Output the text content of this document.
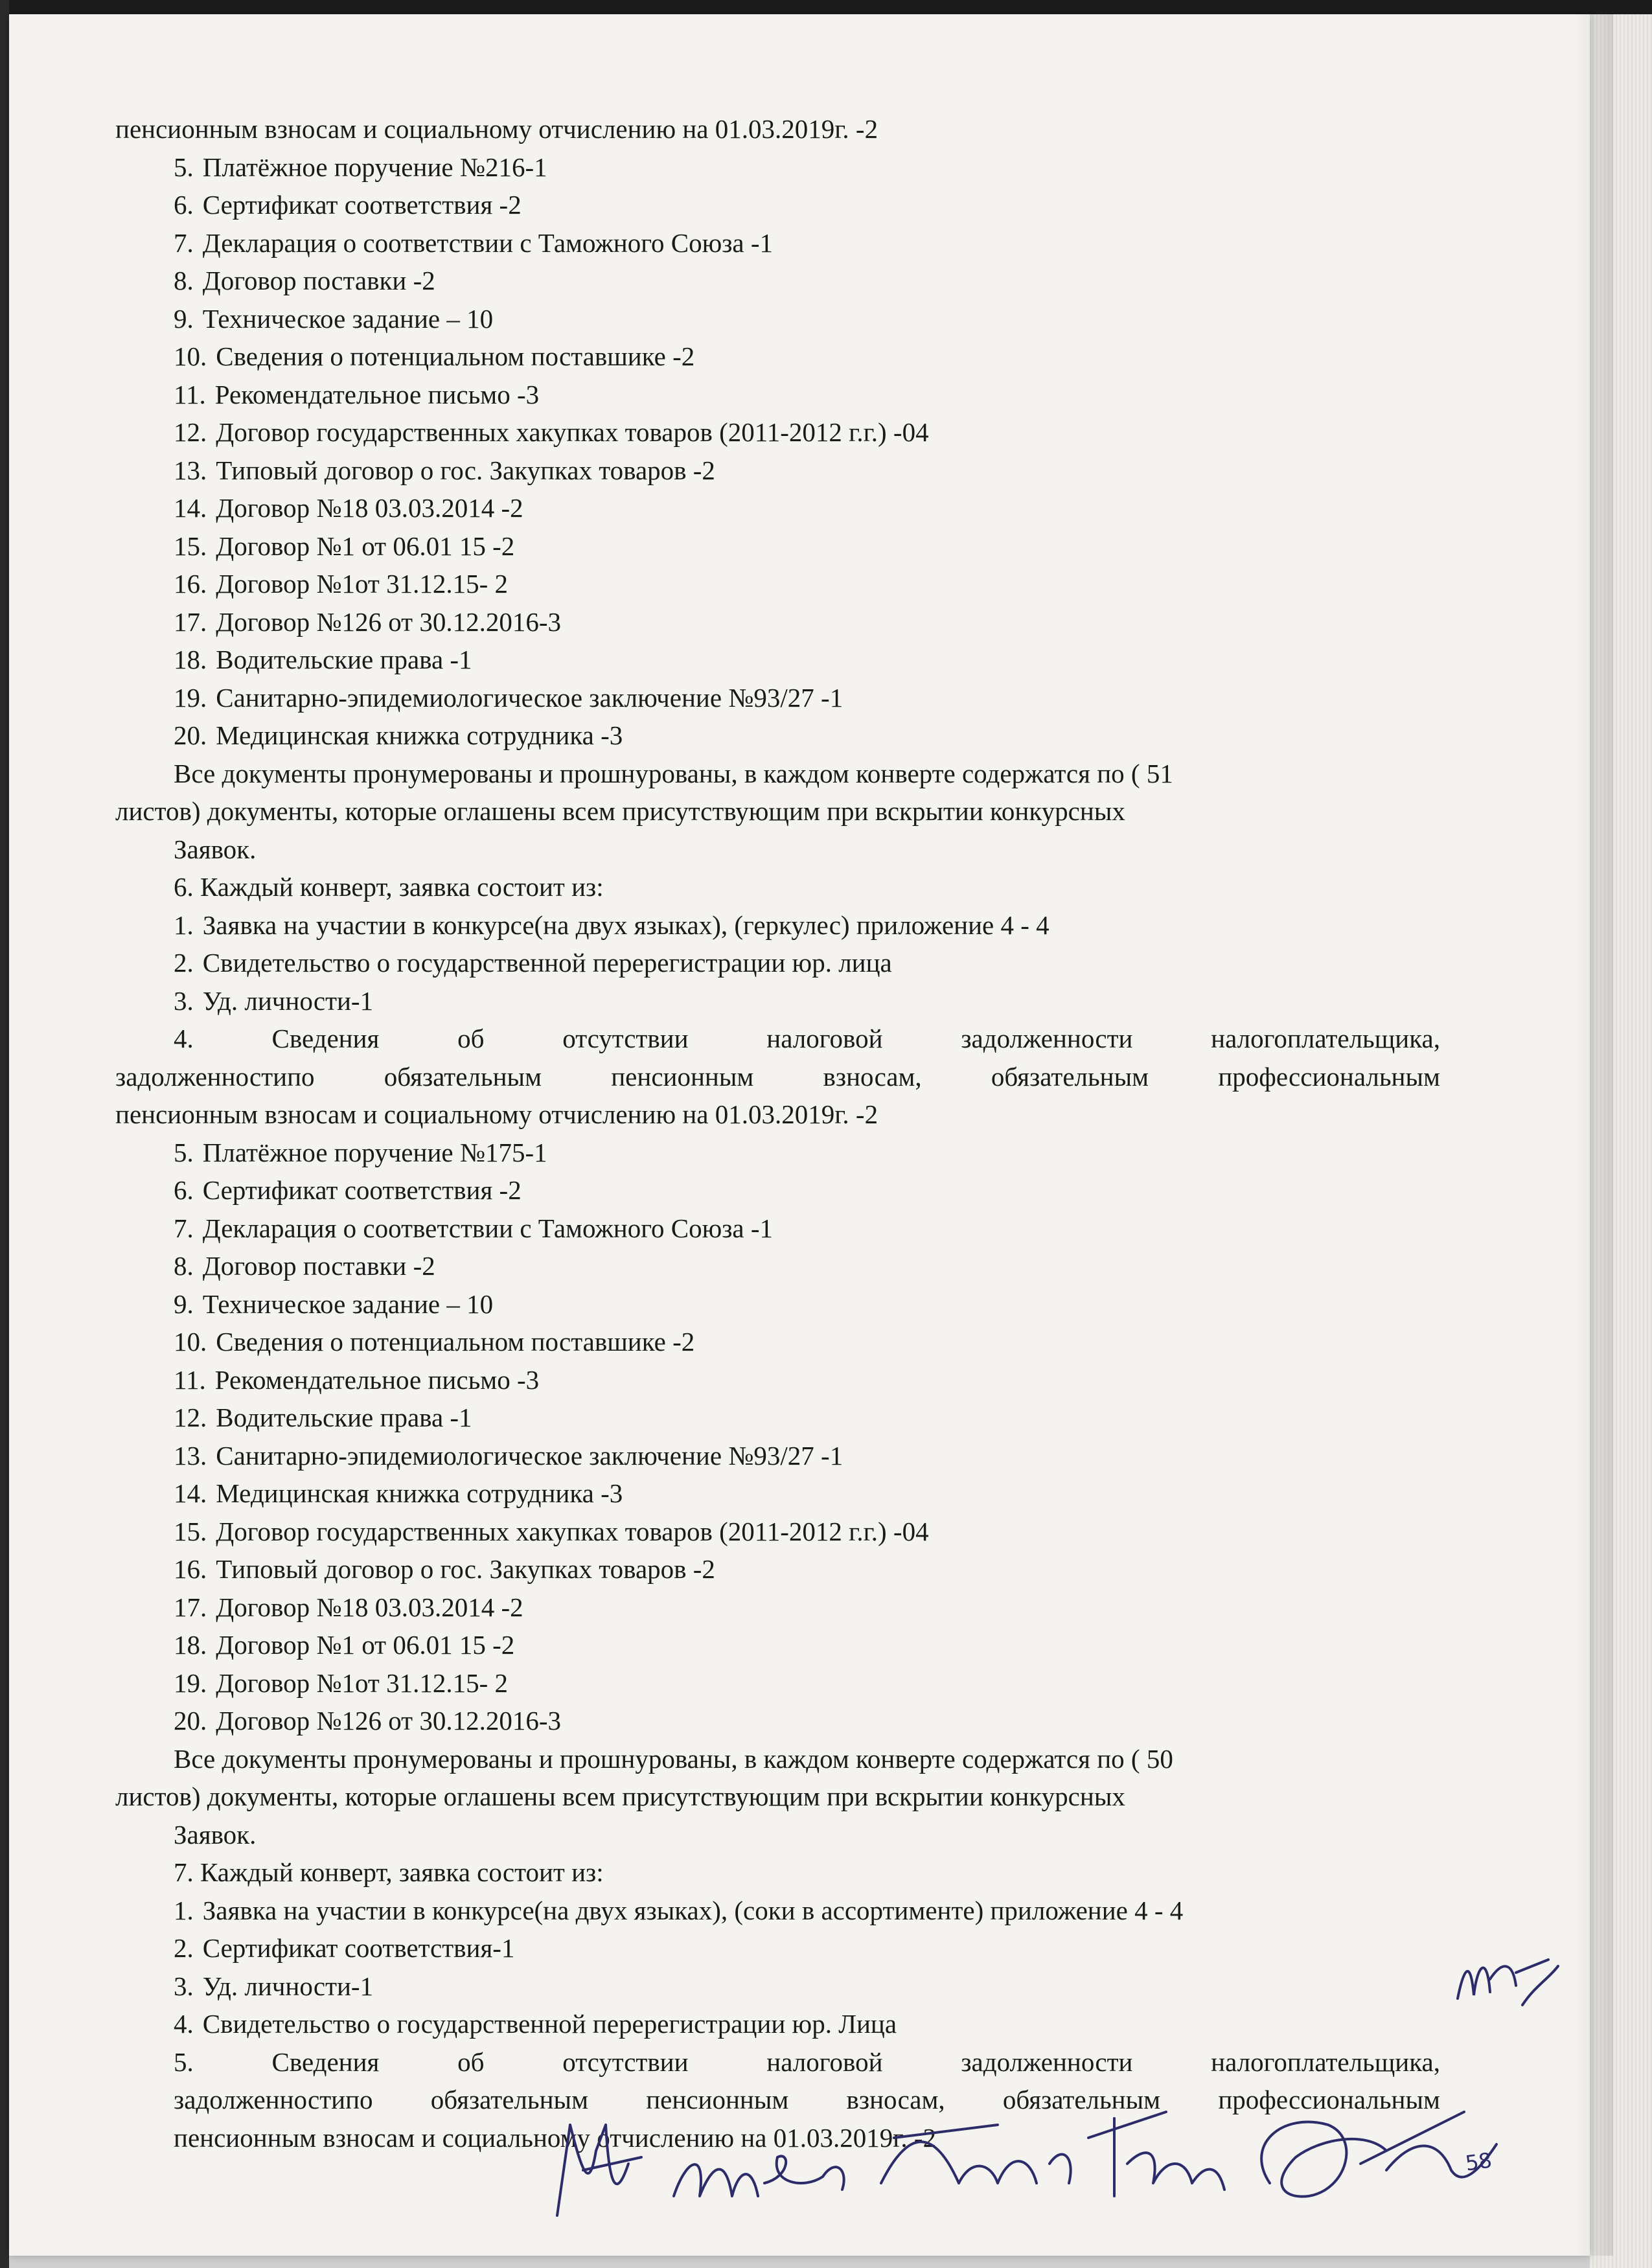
пенсионным взносам и социальному отчислению на 01.03.2019г. -2
5. Платёжное поручение №216-1
6. Сертификат соответствия -2
7. Декларация о соответствии с Таможного Союза -1
8. Договор поставки -2
9. Техническое задание – 10
10. Сведения о потенциальном поставшике -2
11. Рекомендательное письмо -3
12. Договор государственных хакупках товаров (2011-2012 г.г.) -04
13. Типовый договор о гос. Закупках товаров -2
14. Договор №18 03.03.2014 -2
15. Договор №1 от 06.01 15 -2
16. Договор №1от 31.12.15- 2
17. Договор №126 от 30.12.2016-3
18. Водительские права -1
19. Санитарно-эпидемиологическое заключение №93/27 -1
20. Медицинская книжка сотрудника -3
Все документы пронумерованы и прошнурованы, в каждом конверте содержатся по ( 51
листов) документы, которые оглашены всем присутствующим при вскрытии конкурсных
Заявок.
6. Каждый конверт, заявка состоит из:
1. Заявка на участии в конкурсе(на двух языках), (геркулес) приложение 4 - 4
2. Свидетельство о государственной перерегистрации юр. лица
3. Уд. личности-1
4. Сведения об отсутствии налоговой задолженности налогоплательщика,
задолженностипо обязательным пенсионным взносам, обязательным профессиональным
пенсионным взносам и социальному отчислению на 01.03.2019г. -2
5. Платёжное поручение №175-1
6. Сертификат соответствия -2
7. Декларация о соответствии с Таможного Союза -1
8. Договор поставки -2
9. Техническое задание – 10
10. Сведения о потенциальном поставшике -2
11. Рекомендательное письмо -3
12. Водительские права -1
13. Санитарно-эпидемиологическое заключение №93/27 -1
14. Медицинская книжка сотрудника -3
15. Договор государственных хакупках товаров (2011-2012 г.г.) -04
16. Типовый договор о гос. Закупках товаров -2
17. Договор №18 03.03.2014 -2
18. Договор №1 от 06.01 15 -2
19. Договор №1от 31.12.15- 2
20. Договор №126 от 30.12.2016-3
Все документы пронумерованы и прошнурованы, в каждом конверте содержатся по ( 50
листов) документы, которые оглашены всем присутствующим при вскрытии конкурсных
Заявок.
7. Каждый конверт, заявка состоит из:
1. Заявка на участии в конкурсе(на двух языках), (соки в ассортименте) приложение 4 - 4
2. Сертификат соответствия-1
3. Уд. личности-1
4. Свидетельство о государственной перерегистрации юр. Лица
5. Сведения об отсутствии налоговой задолженности налогоплательщика,
задолженностипо обязательным пенсионным взносам, обязательным профессиональным
пенсионным взносам и социальному отчислению на 01.03.2019г. -2
58
